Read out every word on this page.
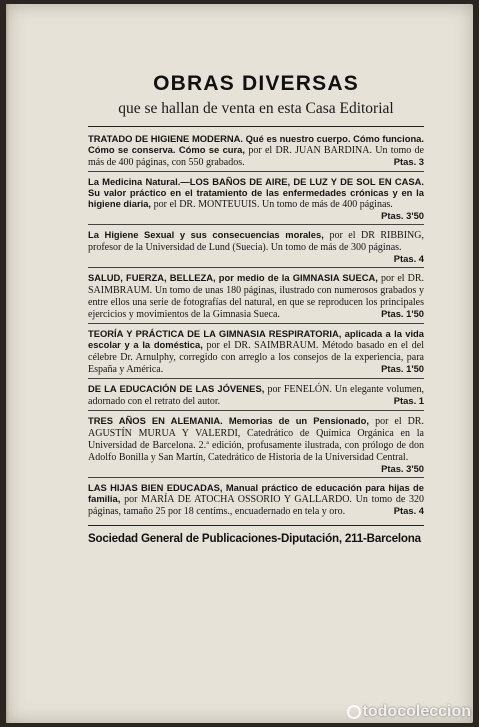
OBRAS DIVERSAS
que se hallan de venta en esta Casa Editorial
TRATADO DE HIGIENE MODERNA. Qué es nuestro cuerpo. Cómo funciona. Cómo se conserva. Cómo se cura, por el DR. JUAN BARDINA. Un tomo de más de 400 páginas, con 550 grabados.	Ptas. 3
La Medicina Natural.—LOS BAÑOS DE AIRE, DE LUZ Y DE SOL EN CASA. Su valor práctico en el tratamiento de las enfermedades crónicas y en la higiene diaria, por el DR. MONTEUUIS. Un tomo de más de 400 páginas.
Ptas. 3'50
La Higiene Sexual y sus consecuencias morales, por el DR RIBBING, profesor de la Universidad de Lund (Suecia). Un tomo de más de 300 páginas.
Ptas. 4
SALUD, FUERZA, BELLEZA, por medio de la GIMNASIA SUECA, por el DR. SAIMBRAUM. Un tomo de unas 180 páginas, ilustrado con numerosos grabados y entre ellos una serie de fotografías del natural, en que se reproducen los principales ejercicios y movimientos de la Gimnasia Sueca.	Ptas. 1'50
TEORÍA Y PRÁCTICA DE LA GIMNASIA RESPIRATORIA, aplicada a la vida escolar y a la doméstica, por el DR. SAIMBRAUM. Método basado en el del célebre Dr. Arnulphy, corregido con arreglo a los consejos de la experiencia, para España y América.	Ptas. 1'50
DE LA EDUCACIÓN DE LAS JÓVENES, por FENELÓN. Un elegante volumen, adornado con el retrato del autor.	Ptas. 1
TRES AÑOS EN ALEMANIA. Memorias de un Pensionado, por el DR. AGUSTÍN MURUA Y VALERDI, Catedrático de Química Orgánica en la Universidad de Barcelona. 2.ª edición, profusamente ilustrada, con prólogo de don Adolfo Bonilla y San Martín, Catedrático de Historia de la Universidad Central.
Ptas. 3'50
LAS HIJAS BIEN EDUCADAS, Manual práctico de educación para hijas de familia, por MARÍA DE ATOCHA OSSORIO Y GALLARDO. Un tomo de 320 páginas, tamaño 25 por 18 centíms., encuadernado en tela y oro.	Ptas. 4
Sociedad General de Publicaciones-Diputación, 211-Barcelona
todocoleccion
